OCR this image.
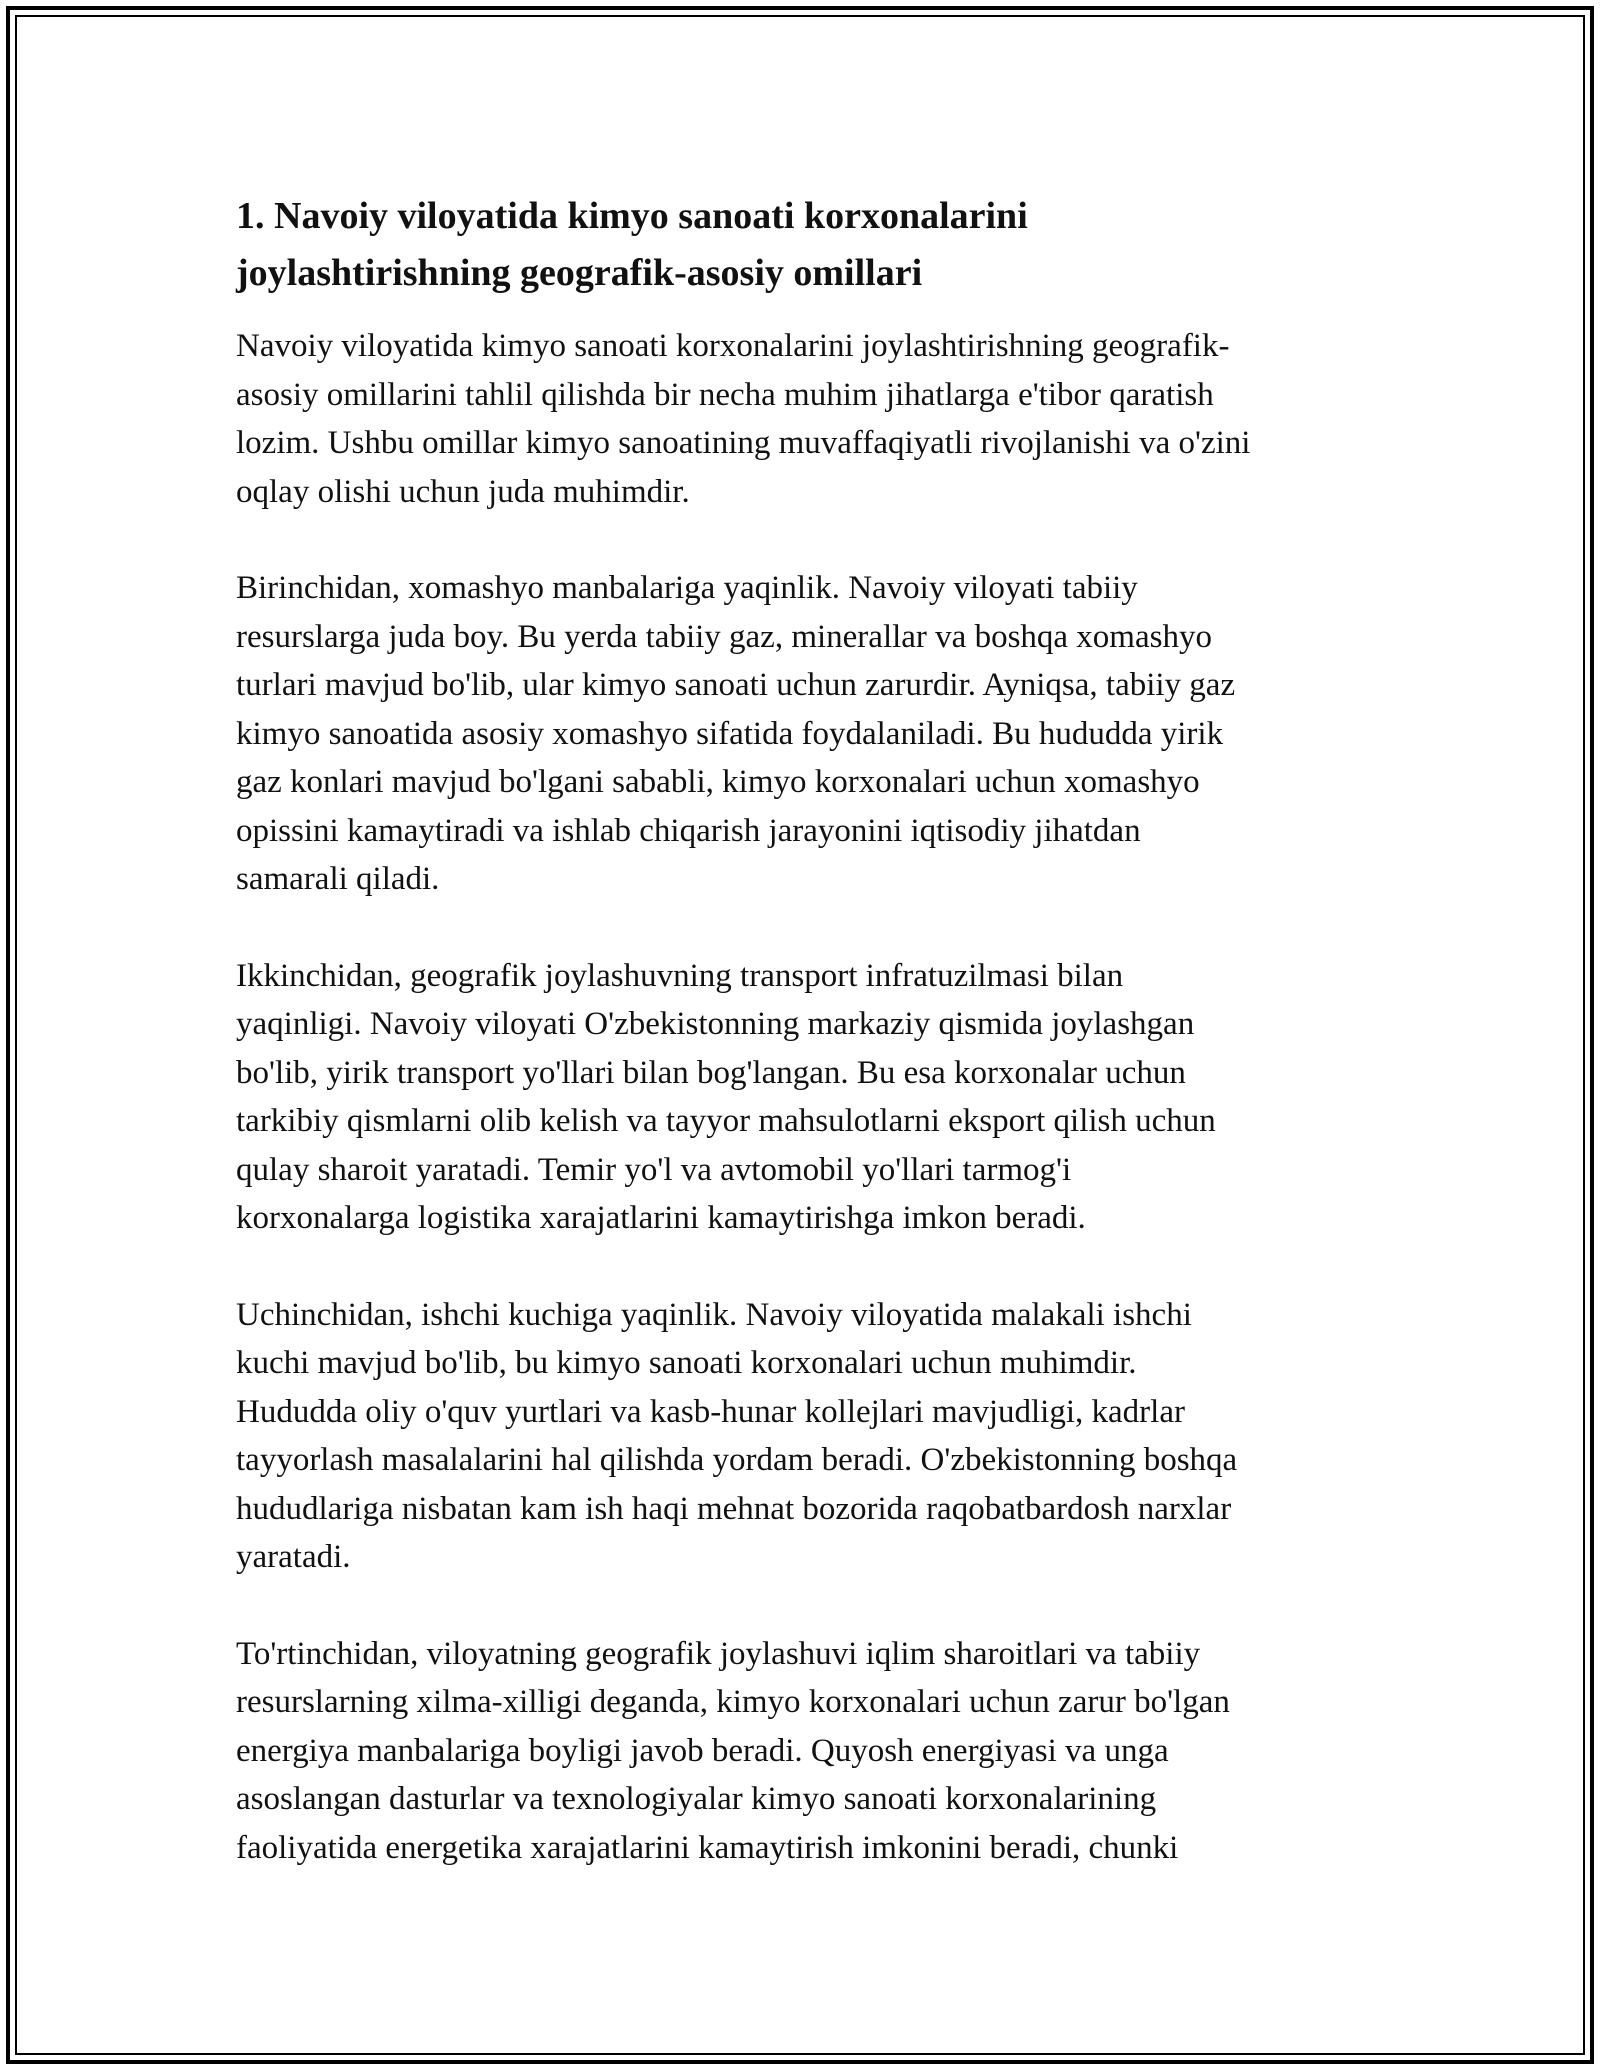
1. Navoiy viloyatida kimyo sanoati korxonalarini
joylashtirishning geografik-asosiy omillari

Navoiy viloyatida kimyo sanoati korxonalarini joylashtirishning geografik-
asosiy omillarini tahlil qilishda bir necha muhim jihatlarga e'tibor qaratish
lozim. Ushbu omillar kimyo sanoatining muvaffaqiyatli rivojlanishi va o'zini
oqlay olishi uchun juda muhimdir.

Birinchidan, xomashyo manbalariga yaqinlik. Navoiy viloyati tabiiy
resurslarga juda boy. Bu yerda tabiiy gaz, minerallar va boshqa xomashyo
turlari mavjud bo'lib, ular kimyo sanoati uchun zarurdir. Ayniqsa, tabiiy gaz
kimyo sanoatida asosiy xomashyo sifatida foydalaniladi. Bu hududda yirik
gaz konlari mavjud bo'lgani sababli, kimyo korxonalari uchun xomashyo
opissini kamaytiradi va ishlab chiqarish jarayonini iqtisodiy jihatdan
samarali qiladi.

Ikkinchidan, geografik joylashuvning transport infratuzilmasi bilan
yaqinligi. Navoiy viloyati O'zbekistonning markaziy qismida joylashgan
bo'lib, yirik transport yo'llari bilan bog'langan. Bu esa korxonalar uchun
tarkibiy qismlarni olib kelish va tayyor mahsulotlarni eksport qilish uchun
qulay sharoit yaratadi. Temir yo'l va avtomobil yo'llari tarmog'i
korxonalarga logistika xarajatlarini kamaytirishga imkon beradi.

Uchinchidan, ishchi kuchiga yaqinlik. Navoiy viloyatida malakali ishchi
kuchi mavjud bo'lib, bu kimyo sanoati korxonalari uchun muhimdir.
Hududda oliy o'quv yurtlari va kasb-hunar kollejlari mavjudligi, kadrlar
tayyorlash masalalarini hal qilishda yordam beradi. O'zbekistonning boshqa
hududlariga nisbatan kam ish haqi mehnat bozorida raqobatbardosh narxlar
yaratadi.

To'rtinchidan, viloyatning geografik joylashuvi iqlim sharoitlari va tabiiy
resurslarning xilma-xilligi deganda, kimyo korxonalari uchun zarur bo'lgan
energiya manbalariga boyligi javob beradi. Quyosh energiyasi va unga
asoslangan dasturlar va texnologiyalar kimyo sanoati korxonalarining
faoliyatida energetika xarajatlarini kamaytirish imkonini beradi, chunki
